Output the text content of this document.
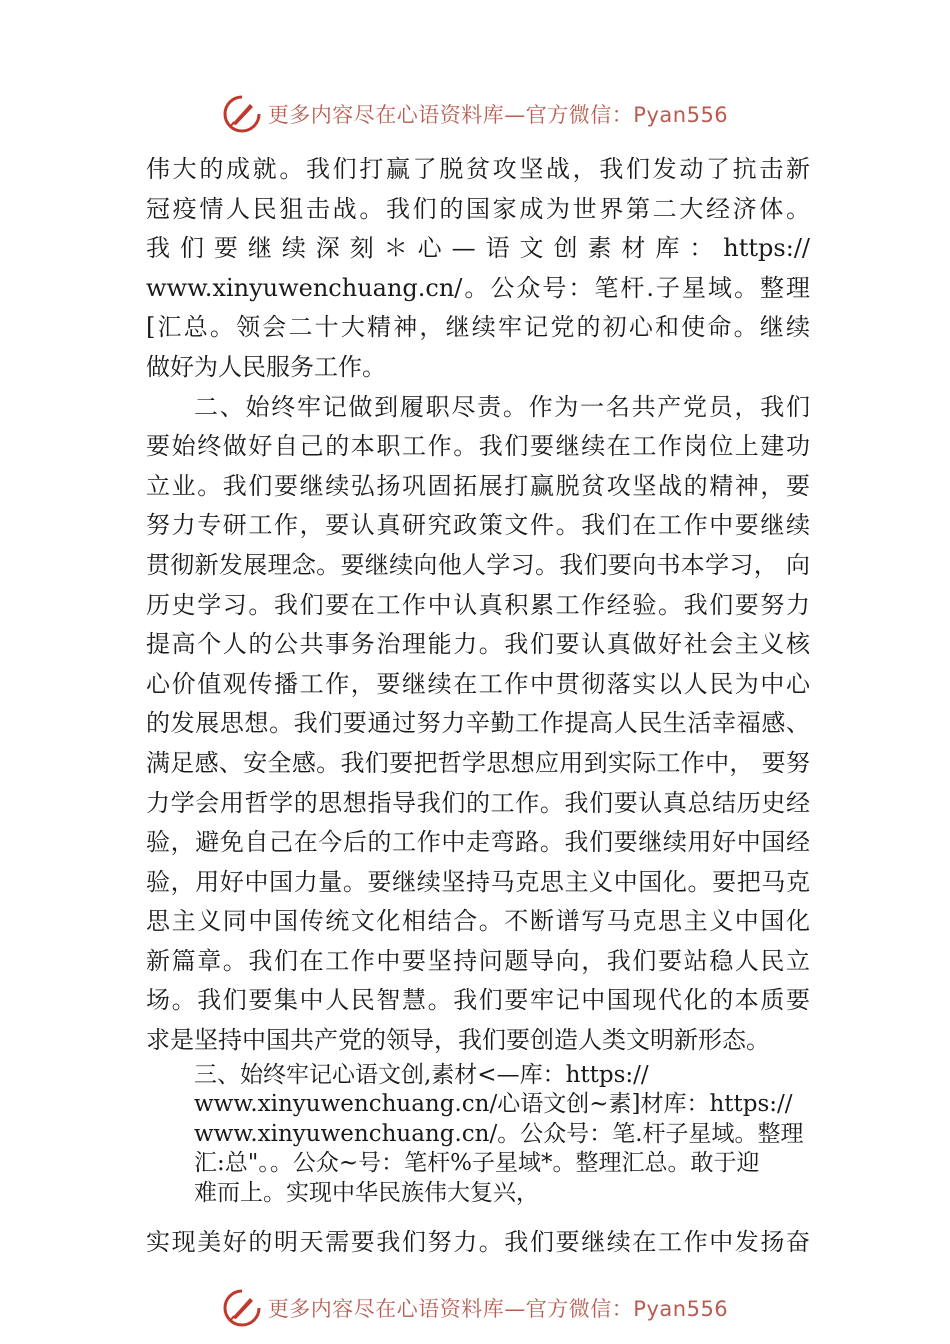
更多内容尽在心语资料库—官方微信：Pyan556
伟大的成就。我们打赢了脱贫攻坚战，我们发动了抗击新
冠疫情人民狙击战。我们的国家成为世界第二大经济体。
我们要继续深刻＊心—语文创素材库：https://
www.xinyuwenchuang.cn/。公众号：笔杆.子星域。整理
[汇总。领会二十大精神，继续牢记党的初心和使命。继续
做好为人民服务工作。
二、始终牢记做到履职尽责。作为一名共产党员，我们
要始终做好自己的本职工作。我们要继续在工作岗位上建功
立业。我们要继续弘扬巩固拓展打赢脱贫攻坚战的精神，要
努力专研工作，要认真研究政策文件。我们在工作中要继续
贯彻新发展理念。要继续向他人学习。我们要向书本学习， 向
历史学习。我们要在工作中认真积累工作经验。我们要努力
提高个人的公共事务治理能力。我们要认真做好社会主义核
心价值观传播工作，要继续在工作中贯彻落实以人民为中心
的发展思想。我们要通过努力辛勤工作提高人民生活幸福感、
满足感、安全感。我们要把哲学思想应用到实际工作中， 要努
力学会用哲学的思想指导我们的工作。我们要认真总结历史经
验，避免自己在今后的工作中走弯路。我们要继续用好中国经
验，用好中国力量。要继续坚持马克思主义中国化。要把马克
思主义同中国传统文化相结合。不断谱写马克思主义中国化
新篇章。我们在工作中要坚持问题导向，我们要站稳人民立
场。我们要集中人民智慧。我们要牢记中国现代化的本质要
求是坚持中国共产党的领导，我们要创造人类文明新形态。
三、始终牢记心语文创,素材<—库：https://
www.xinyuwenchuang.cn/心语文创~素]材库：https://
www.xinyuwenchuang.cn/。公众号：笔.杆子星域。整理
汇:总"。。公众~号：笔杆%子星域*。整理汇总。敢于迎
难而上。实现中华民族伟大复兴，
实现美好的明天需要我们努力。我们要继续在工作中发扬奋
更多内容尽在心语资料库—官方微信：Pyan556
